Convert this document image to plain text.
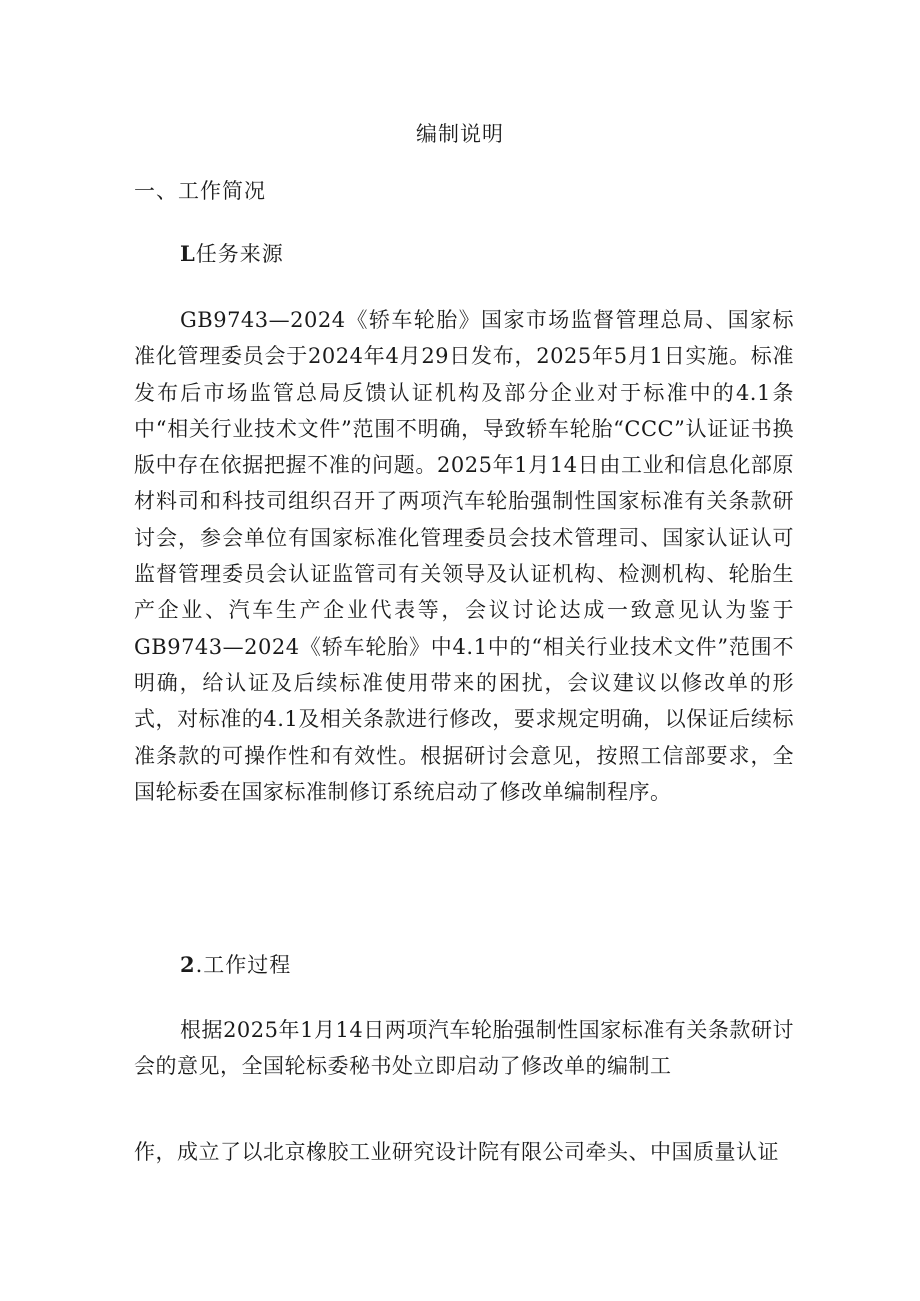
编制说明
一、工作简况
L任务来源
GB9743—2024《轿车轮胎》国家市场监督管理总局、国家标准化管理委员会于2024年4月29日发布，2025年5月1日实施。标准发布后市场监管总局反馈认证机构及部分企业对于标准中的4.1条中“相关行业技术文件”范围不明确，导致轿车轮胎“CCC”认证证书换版中存在依据把握不准的问题。2025年1月14日由工业和信息化部原材料司和科技司组织召开了两项汽车轮胎强制性国家标准有关条款研讨会，参会单位有国家标准化管理委员会技术管理司、国家认证认可监督管理委员会认证监管司有关领导及认证机构、检测机构、轮胎生产企业、汽车生产企业代表等，会议讨论达成一致意见认为鉴于GB9743—2024《轿车轮胎》中4.1中的“相关行业技术文件”范围不明确，给认证及后续标准使用带来的困扰，会议建议以修改单的形式，对标准的4.1及相关条款进行修改，要求规定明确，以保证后续标准条款的可操作性和有效性。根据研讨会意见，按照工信部要求，全国轮标委在国家标准制修订系统启动了修改单编制程序。
2.工作过程
根据2025年1月14日两项汽车轮胎强制性国家标准有关条款研讨会的意见，全国轮标委秘书处立即启动了修改单的编制工
作，成立了以北京橡胶工业研究设计院有限公司牵头、中国质量认证
